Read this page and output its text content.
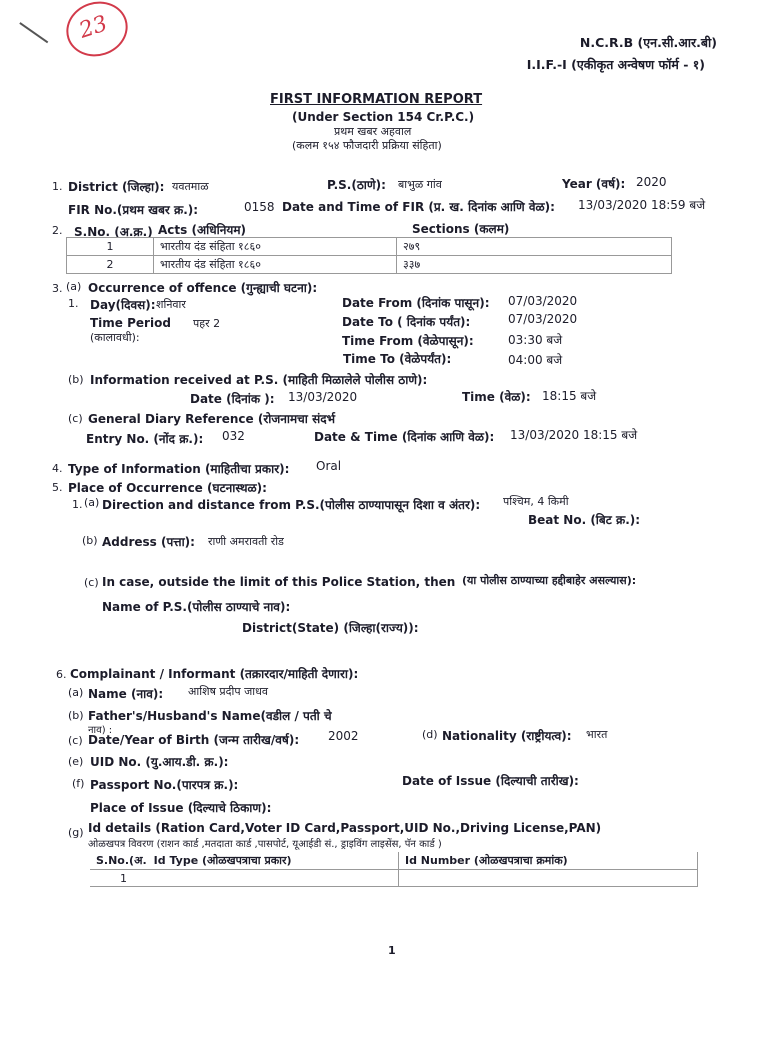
23	N.C.R.B (एन.सी.आर.बी)
I.I.F.-I (एकीकृत अन्वेषण फॉर्म - १)
FIRST INFORMATION REPORT
(Under Section 154 Cr.P.C.)
प्रथम खबर अहवाल
(कलम १५४ फौजदारी प्रक्रिया संहिता)
1. District (जिल्हा): यवतमाळ	P.S.(ठाणे): बाभुळ गांव	Year (वर्ष): 2020
FIR No.(प्रथम खबर क्र.):	0158 Date and Time of FIR (प्र. ख. दिनांक आणि वेळ): 13/03/2020 18:59 बजे
2. S.No. (अ.क्र.) Acts (अधिनियम)	Sections (कलम)
1	भारतीय दंड संहिता १८६०	२७९
2	भारतीय दंड संहिता १८६०	३३७
3. (a) Occurrence of offence (गुन्ह्याची घटना):
1. Day(दिवस): शनिवार
Time Period पहर 2
(कालावधी):
Date From (दिनांक पासून): 07/03/2020
Date To ( दिनांक पर्यंत):	07/03/2020
Time From (वेळेपासून):	03:30 बजे
Time To (वेळेपर्यंत):	04:00 बजे
(b) Information received at P.S. (माहिती मिळालेले पोलीस ठाणे):
Date (दिनांक ): 13/03/2020	Time (वेळ): 18:15 बजे
(c) General Diary Reference (रोजनामचा संदर्भ
Entry No. (नोंद क्र.): 032	Date & Time (दिनांक आणि वेळ): 13/03/2020 18:15 बजे
4. Type of Information (माहितीचा प्रकार): Oral
5. Place of Occurrence (घटनास्थळ):
1. (a) Direction and distance from P.S.(पोलीस ठाण्यापासून दिशा व अंतर): पश्चिम, 4 किमी
Beat No. (बिट क्र.):
(b) Address (पत्ता): राणी अमरावती रोड
(c) In case, outside the limit of this Police Station, then (या पोलीस ठाण्याच्या हद्दीबाहेर असल्यास):
Name of P.S.(पोलीस ठाण्याचे नाव):
District(State) (जिल्हा(राज्य)):
6. Complainant / Informant (तक्रारदार/माहिती देणारा):
(a) Name (नाव): आशिष प्रदीप जाधव
(b) Father's/Husband's Name(वडील / पती चे
नाव) :
(c) Date/Year of Birth (जन्म तारीख/वर्ष): 2002	(d) Nationality (राष्ट्रीयत्व): भारत
(e) UID No. (यु.आय.डी. क्र.):
(f) Passport No.(पारपत्र क्र.):	Date of Issue (दिल्याची तारीख):
Place of Issue (दिल्याचे ठिकाण):
(g) Id details (Ration Card,Voter ID Card,Passport,UID No.,Driving License,PAN)
ओळखपत्र विवरण (राशन कार्ड ,मतदाता कार्ड ,पासपोर्ट, यूआईडी सं., ड्राइविंग लाइसेंस, पॅन कार्ड )
S.No.(अ. Id Type (ओळखपत्राचा प्रकार)	Id Number (ओळखपत्राचा क्रमांक)
1	
1
